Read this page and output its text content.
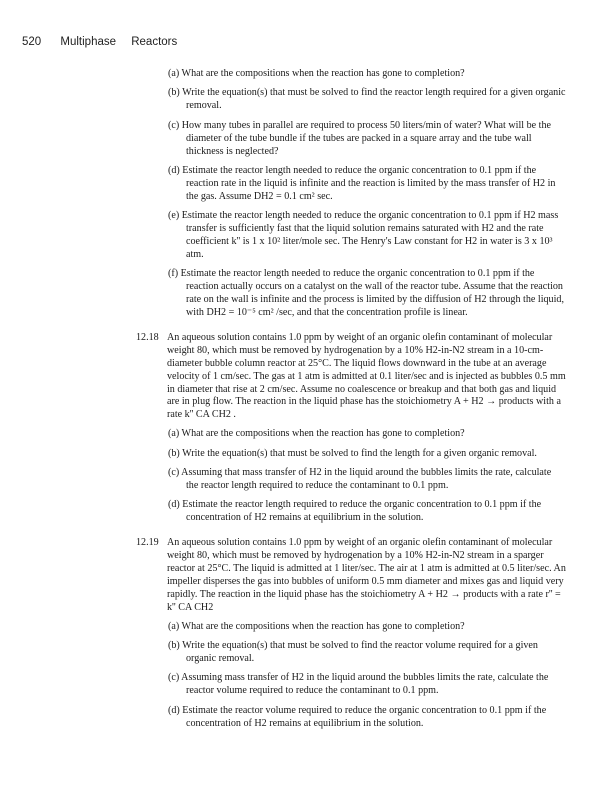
520 Multiphase Reactors
(a) What are the compositions when the reaction has gone to completion?
(b) Write the equation(s) that must be solved to find the reactor length required for a given organic removal.
(c) How many tubes in parallel are required to process 50 liters/min of water? What will be the diameter of the tube bundle if the tubes are packed in a square array and the tube wall thickness is neglected?
(d) Estimate the reactor length needed to reduce the organic concentration to 0.1 ppm if the reaction rate in the liquid is infinite and the reaction is limited by the mass transfer of H2 in the gas. Assume DH2 = 0.1 cm² sec.
(e) Estimate the reactor length needed to reduce the organic concentration to 0.1 ppm if H2 mass transfer is sufficiently fast that the liquid solution remains saturated with H2 and the rate coefficient k'' is 1 x 10² liter/mole sec. The Henry's Law constant for H2 in water is 3 x 10³ atm.
(f) Estimate the reactor length needed to reduce the organic concentration to 0.1 ppm if the reaction actually occurs on a catalyst on the wall of the reactor tube. Assume that the reaction rate on the wall is infinite and the process is limited by the diffusion of H2 through the liquid, with DH2 = 10⁻⁵ cm² /sec, and that the concentration profile is linear.
12.18 An aqueous solution contains 1.0 ppm by weight of an organic olefin contaminant of molecular weight 80, which must be removed by hydrogenation by a 10% H2-in-N2 stream in a 10-cm-diameter bubble column reactor at 25°C. The liquid flows downward in the tube at an average velocity of 1 cm/sec. The gas at 1 atm is admitted at 0.1 liter/sec and is injected as bubbles 0.5 mm in diameter that rise at 2 cm/sec. Assume no coalescence or breakup and that both gas and liquid are in plug flow. The reaction in the liquid phase has the stoichiometry A + H2 → products with a rate k'' CA CH2 .
(a) What are the compositions when the reaction has gone to completion?
(b) Write the equation(s) that must be solved to find the length for a given organic removal.
(c) Assuming that mass transfer of H2 in the liquid around the bubbles limits the rate, calculate the reactor length required to reduce the contaminant to 0.1 ppm.
(d) Estimate the reactor length required to reduce the organic concentration to 0.1 ppm if the concentration of H2 remains at equilibrium in the solution.
12.19 An aqueous solution contains 1.0 ppm by weight of an organic olefin contaminant of molecular weight 80, which must be removed by hydrogenation by a 10% H2-in-N2 stream in a sparger reactor at 25°C. The liquid is admitted at 1 liter/sec. The air at 1 atm is admitted at 0.5 liter/sec. An impeller disperses the gas into bubbles of uniform 0.5 mm diameter and mixes gas and liquid very rapidly. The reaction in the liquid phase has the stoichiometry A + H2 → products with a rate r'' = k'' CA CH2
(a) What are the compositions when the reaction has gone to completion?
(b) Write the equation(s) that must be solved to find the reactor volume required for a given organic removal.
(c) Assuming mass transfer of H2 in the liquid around the bubbles limits the rate, calculate the reactor volume required to reduce the contaminant to 0.1 ppm.
(d) Estimate the reactor volume required to reduce the organic concentration to 0.1 ppm if the concentration of H2 remains at equilibrium in the solution.
